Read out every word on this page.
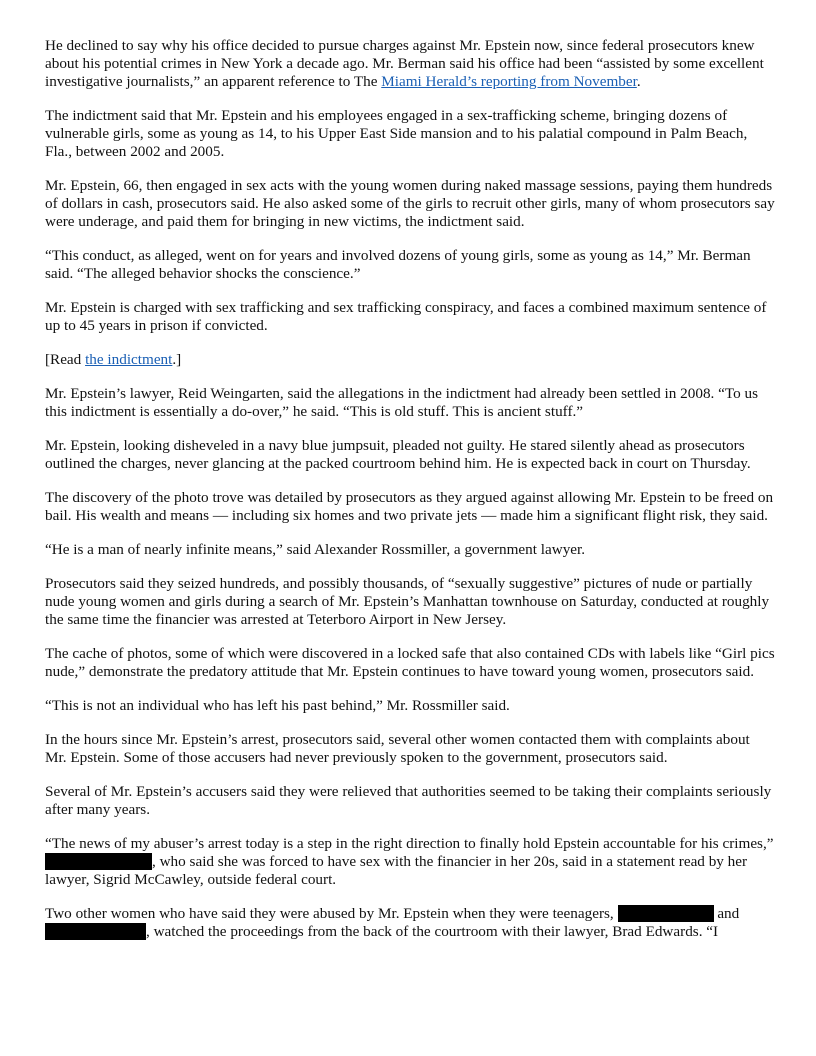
He declined to say why his office decided to pursue charges against Mr. Epstein now, since federal prosecutors knew about his potential crimes in New York a decade ago. Mr. Berman said his office had been “assisted by some excellent investigative journalists,” an apparent reference to The Miami Herald’s reporting from November.

The indictment said that Mr. Epstein and his employees engaged in a sex-trafficking scheme, bringing dozens of vulnerable girls, some as young as 14, to his Upper East Side mansion and to his palatial compound in Palm Beach, Fla., between 2002 and 2005.

Mr. Epstein, 66, then engaged in sex acts with the young women during naked massage sessions, paying them hundreds of dollars in cash, prosecutors said. He also asked some of the girls to recruit other girls, many of whom prosecutors say were underage, and paid them for bringing in new victims, the indictment said.

“This conduct, as alleged, went on for years and involved dozens of young girls, some as young as 14,” Mr. Berman said. “The alleged behavior shocks the conscience.”

Mr. Epstein is charged with sex trafficking and sex trafficking conspiracy, and faces a combined maximum sentence of up to 45 years in prison if convicted.

[Read the indictment.]

Mr. Epstein’s lawyer, Reid Weingarten, said the allegations in the indictment had already been settled in 2008. “To us this indictment is essentially a do-over,” he said. “This is old stuff. This is ancient stuff.”

Mr. Epstein, looking disheveled in a navy blue jumpsuit, pleaded not guilty. He stared silently ahead as prosecutors outlined the charges, never glancing at the packed courtroom behind him. He is expected back in court on Thursday.

The discovery of the photo trove was detailed by prosecutors as they argued against allowing Mr. Epstein to be freed on bail. His wealth and means — including six homes and two private jets — made him a significant flight risk, they said.

“He is a man of nearly infinite means,” said Alexander Rossmiller, a government lawyer.

Prosecutors said they seized hundreds, and possibly thousands, of “sexually suggestive” pictures of nude or partially nude young women and girls during a search of Mr. Epstein’s Manhattan townhouse on Saturday, conducted at roughly the same time the financier was arrested at Teterboro Airport in New Jersey.

The cache of photos, some of which were discovered in a locked safe that also contained CDs with labels like “Girl pics nude,” demonstrate the predatory attitude that Mr. Epstein continues to have toward young women, prosecutors said.

“This is not an individual who has left his past behind,” Mr. Rossmiller said.

In the hours since Mr. Epstein’s arrest, prosecutors said, several other women contacted them with complaints about Mr. Epstein. Some of those accusers had never previously spoken to the government, prosecutors said.

Several of Mr. Epstein’s accusers said they were relieved that authorities seemed to be taking their complaints seriously after many years.

“The news of my abuser’s arrest today is a step in the right direction to finally hold Epstein accountable for his crimes,” , who said she was forced to have sex with the financier in her 20s, said in a statement read by her lawyer, Sigrid McCawley, outside federal court.

Two other women who have said they were abused by Mr. Epstein when they were teenagers,	and , watched the proceedings from the back of the courtroom with their lawyer, Brad Edwards. “I
